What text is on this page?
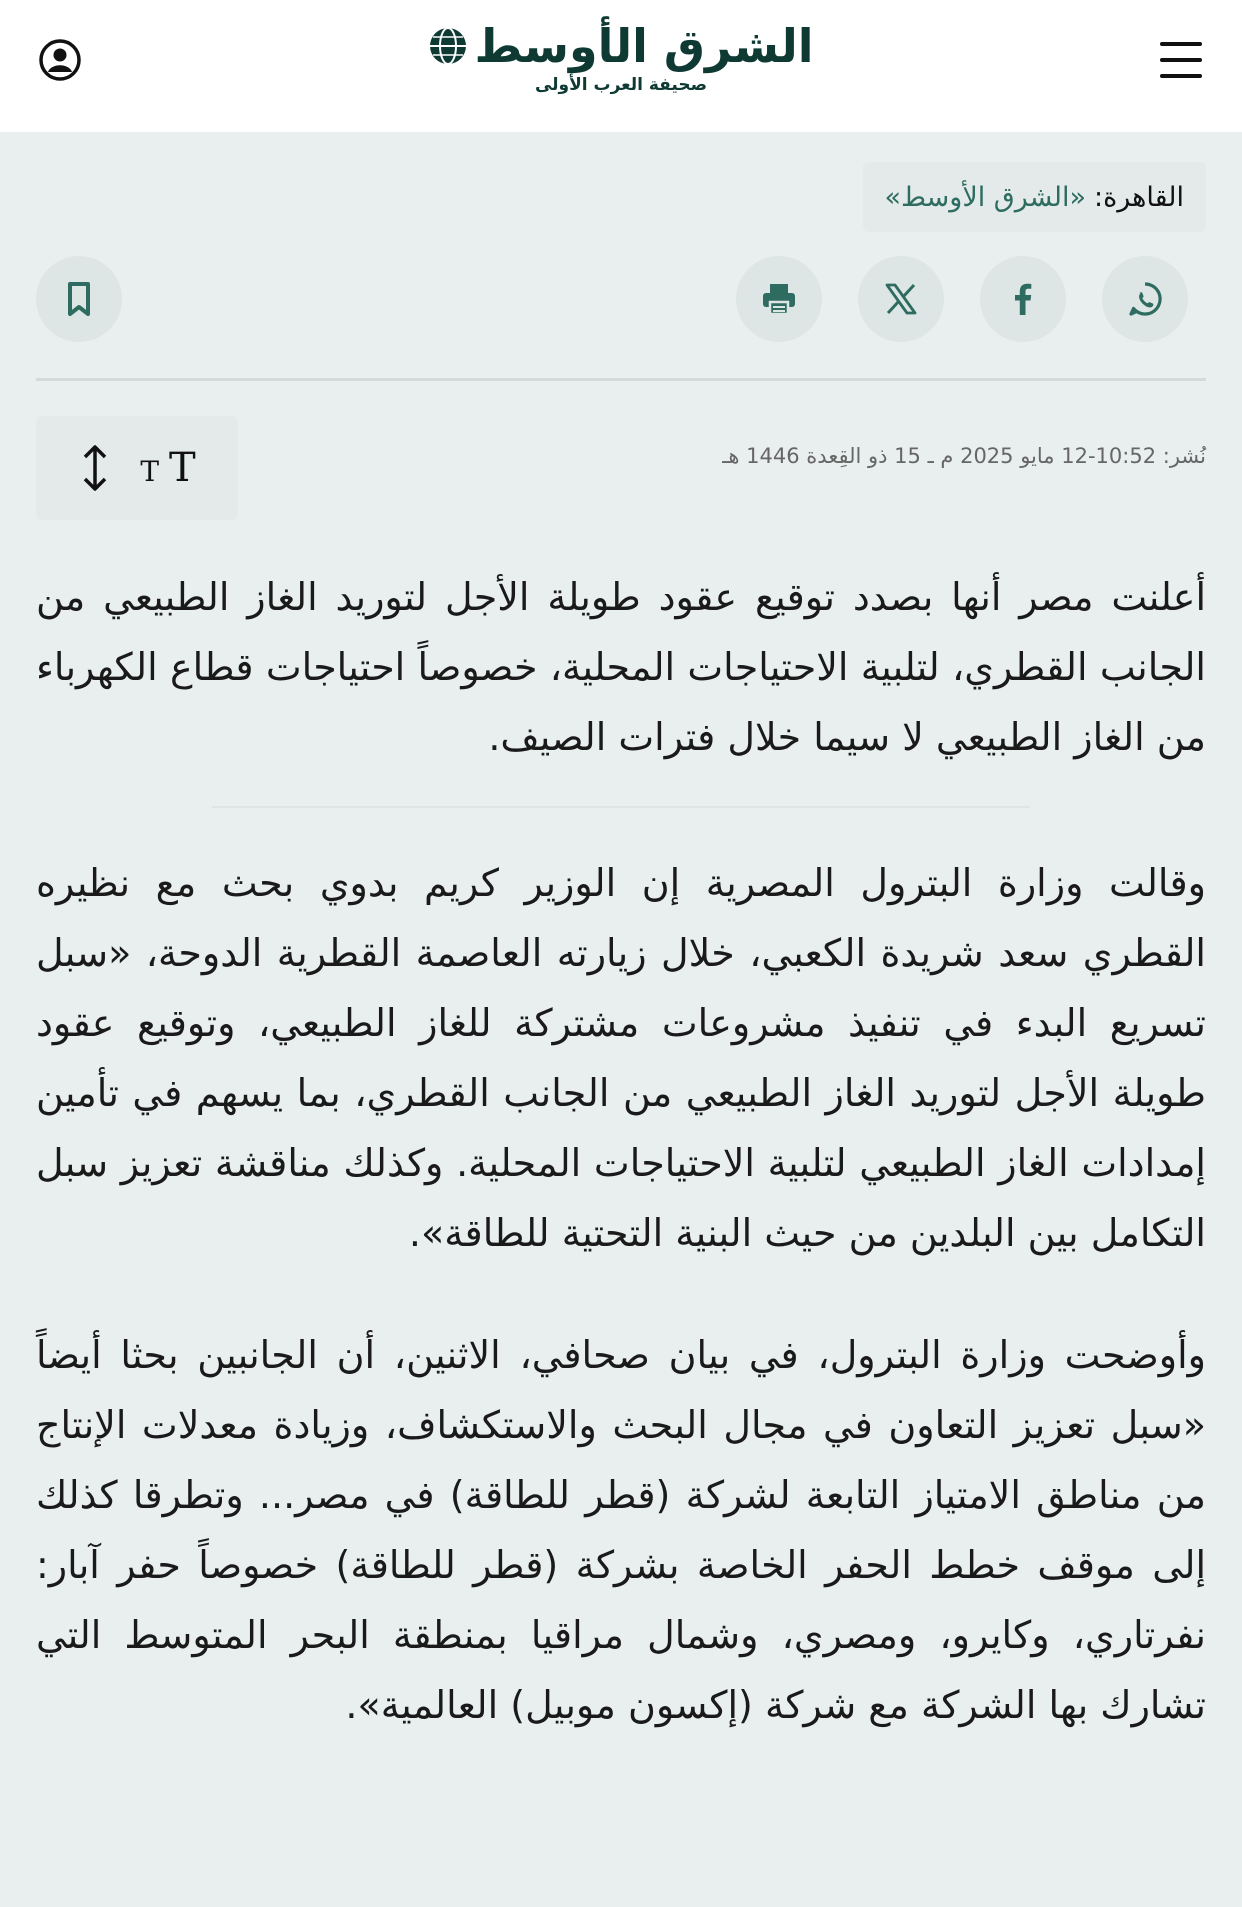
الشرق الأوسط
صحيفة العرب الأولى
القاهرة:
«الشرق الأوسط»
T T	نُشر: 10:52-12 مايو 2025 م ـ 15 ذو القِعدة 1446 هـ

أعلنت مصر أنها بصدد توقيع عقود طويلة الأجل لتوريد الغاز الطبيعي من الجانب القطري، لتلبية الاحتياجات المحلية، خصوصاً احتياجات قطاع الكهرباء من الغاز الطبيعي لا سيما خلال فترات الصيف.

وقالت وزارة البترول المصرية إن الوزير كريم بدوي بحث مع نظيره القطري سعد شريدة الكعبي، خلال زيارته العاصمة القطرية الدوحة، «سبل تسريع البدء في تنفيذ مشروعات مشتركة للغاز الطبيعي، وتوقيع عقود طويلة الأجل لتوريد الغاز الطبيعي من الجانب القطري، بما يسهم في تأمين إمدادات الغاز الطبيعي لتلبية الاحتياجات المحلية. وكذلك مناقشة تعزيز سبل التكامل بين البلدين من حيث البنية التحتية للطاقة».

وأوضحت وزارة البترول، في بيان صحافي، الاثنين، أن الجانبين بحثا أيضاً «سبل تعزيز التعاون في مجال البحث والاستكشاف، وزيادة معدلات الإنتاج من مناطق الامتياز التابعة لشركة (قطر للطاقة) في مصر... وتطرقا كذلك إلى موقف خطط الحفر الخاصة بشركة (قطر للطاقة) خصوصاً حفر آبار: نفرتاري، وكايرو، ومصري، وشمال مراقيا بمنطقة البحر المتوسط التي تشارك بها الشركة مع شركة (إكسون موبيل) العالمية».
